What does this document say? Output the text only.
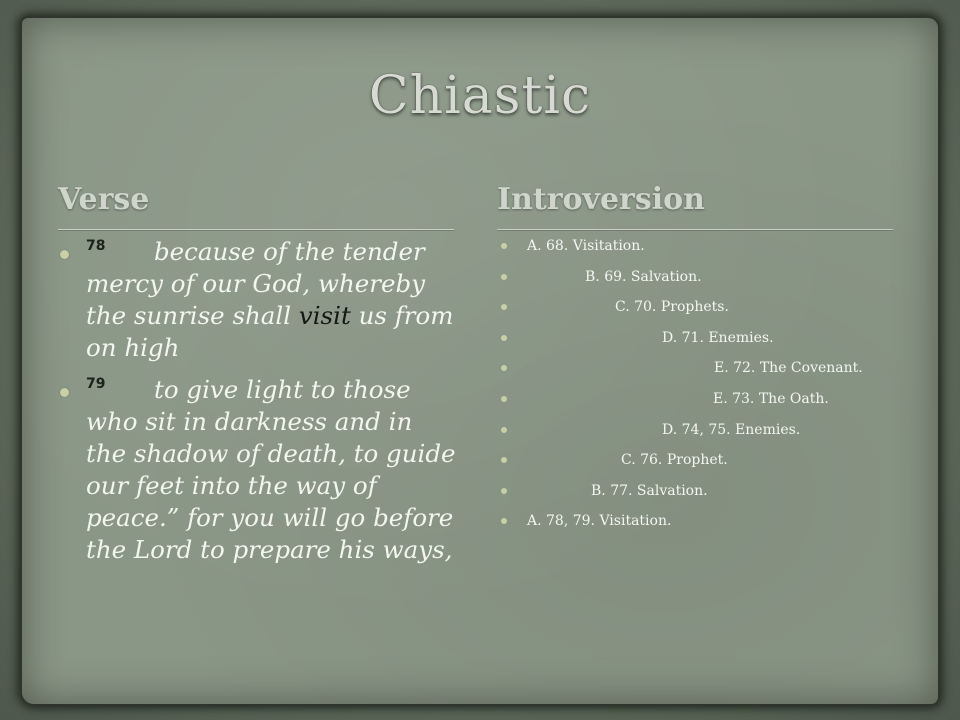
Chiastic
Verse	Introversion
78	because of the tender mercy of our God, whereby the sunrise shall visit us from on high
79	to give light to those who sit in darkness and in the shadow of death, to guide our feet into the way of peace.” for you will go before the Lord to prepare his ways,
A. 68. Visitation.
B. 69. Salvation.
C. 70. Prophets.
D. 71. Enemies.
E. 72. The Covenant.
E. 73. The Oath.
D. 74, 75. Enemies.
C. 76. Prophet.
B. 77. Salvation.
A. 78, 79. Visitation.
